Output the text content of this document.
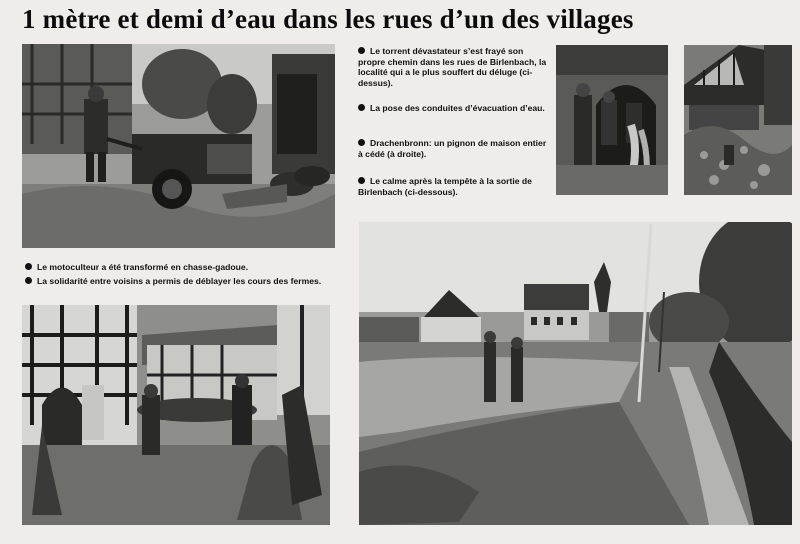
1 mètre et demi d’eau dans les rues d’un des villages
Le motoculteur a été transformé en chasse-gadoue.
La solidarité entre voisins a permis de déblayer les cours des fermes.
Le torrent dévastateur s’est frayé son propre chemin dans les rues de Birlenbach, la localité qui a le plus souffert du déluge (ci-dessus).
La pose des conduites d’évacuation d’eau.
Drachenbronn: un pignon de maison entier à cédé (à droite).
Le calme après la tempête à la sortie de Birlenbach (ci-dessous).
